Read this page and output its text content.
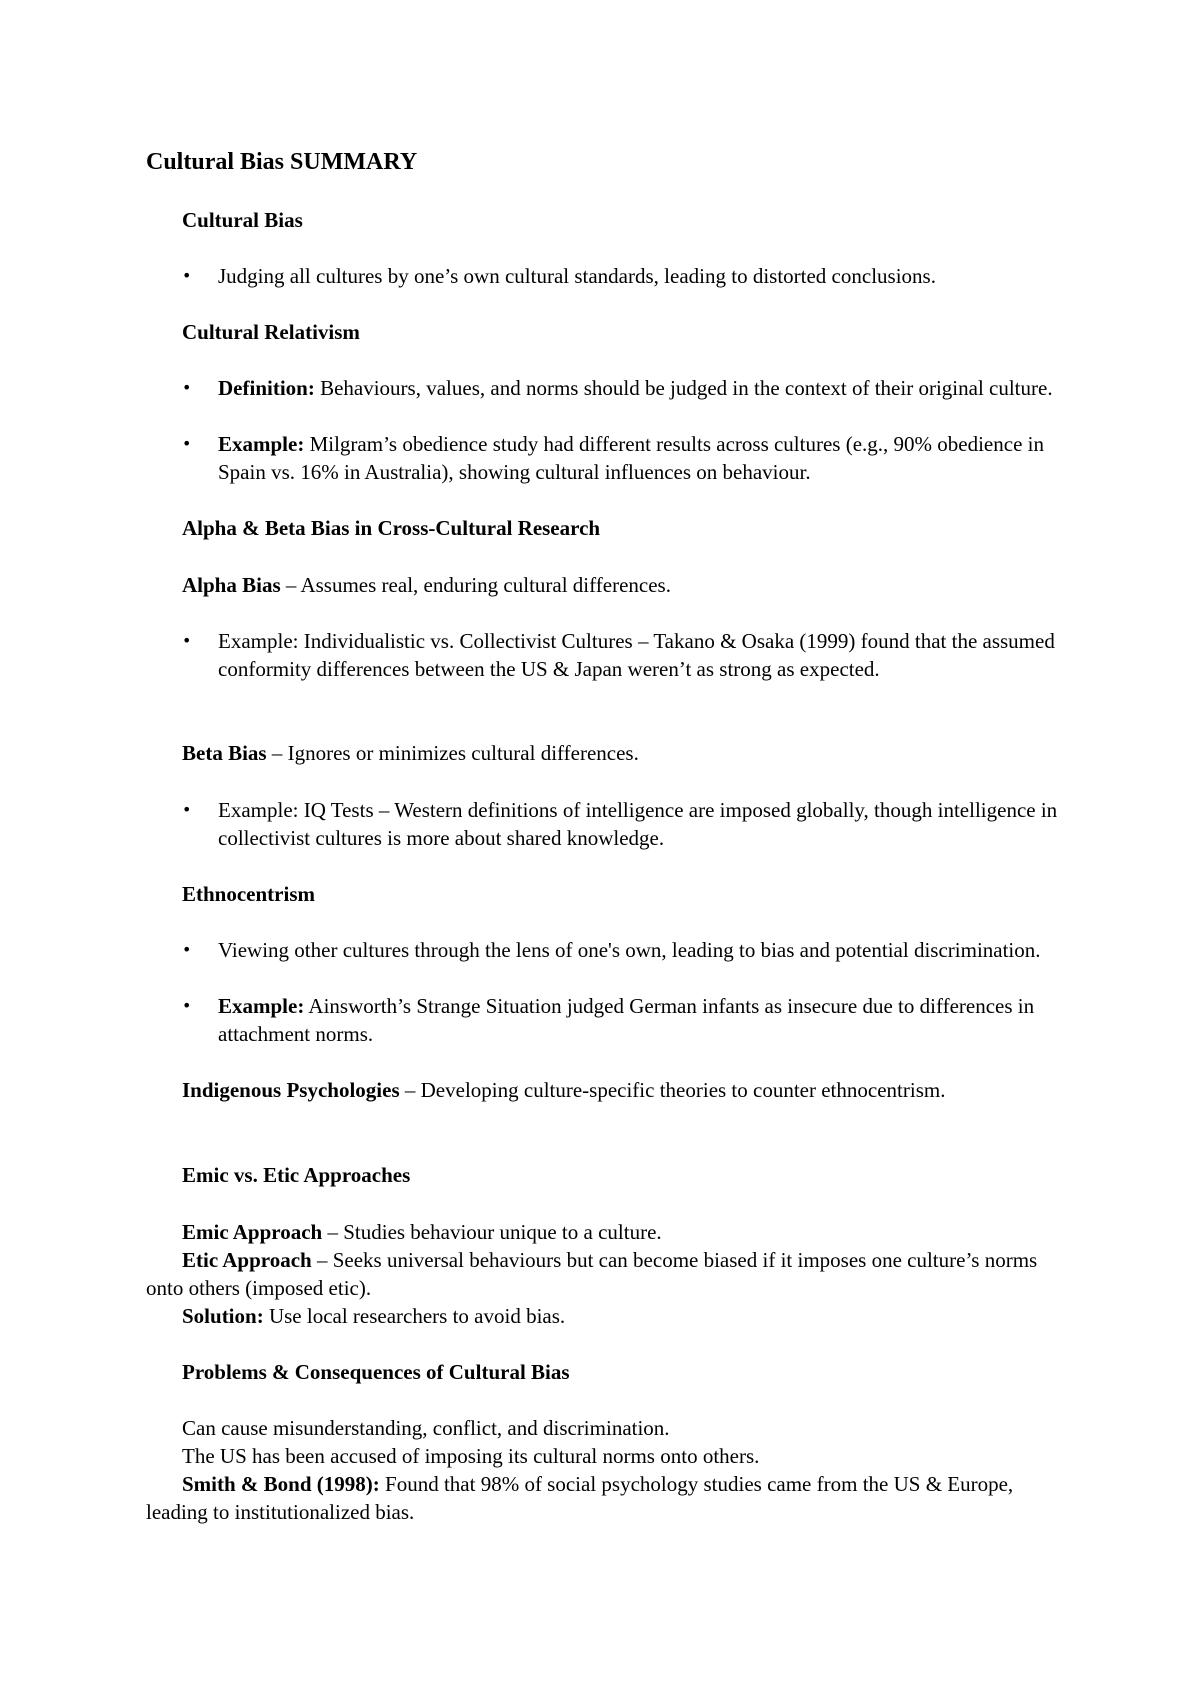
Cultural Bias SUMMARY
Cultural Bias
•	Judging all cultures by one’s own cultural standards, leading to distorted conclusions.
Cultural Relativism
•	Definition: Behaviours, values, and norms should be judged in the context of their original culture.
•	Example: Milgram’s obedience study had different results across cultures (e.g., 90% obedience in Spain vs. 16% in Australia), showing cultural influences on behaviour.
Alpha & Beta Bias in Cross-Cultural Research
Alpha Bias – Assumes real, enduring cultural differences.
•	Example: Individualistic vs. Collectivist Cultures – Takano & Osaka (1999) found that the assumed conformity differences between the US & Japan weren’t as strong as expected.
Beta Bias – Ignores or minimizes cultural differences.
•	Example: IQ Tests – Western definitions of intelligence are imposed globally, though intelligence in collectivist cultures is more about shared knowledge.
Ethnocentrism
•	Viewing other cultures through the lens of one's own, leading to bias and potential discrimination.
•	Example: Ainsworth’s Strange Situation judged German infants as insecure due to differences in attachment norms.
Indigenous Psychologies – Developing culture-specific theories to counter ethnocentrism.
Emic vs. Etic Approaches
Emic Approach – Studies behaviour unique to a culture.
Etic Approach – Seeks universal behaviours but can become biased if it imposes one culture’s norms onto others (imposed etic).
Solution: Use local researchers to avoid bias.
Problems & Consequences of Cultural Bias
Can cause misunderstanding, conflict, and discrimination.
The US has been accused of imposing its cultural norms onto others.
Smith & Bond (1998): Found that 98% of social psychology studies came from the US & Europe, leading to institutionalized bias.
